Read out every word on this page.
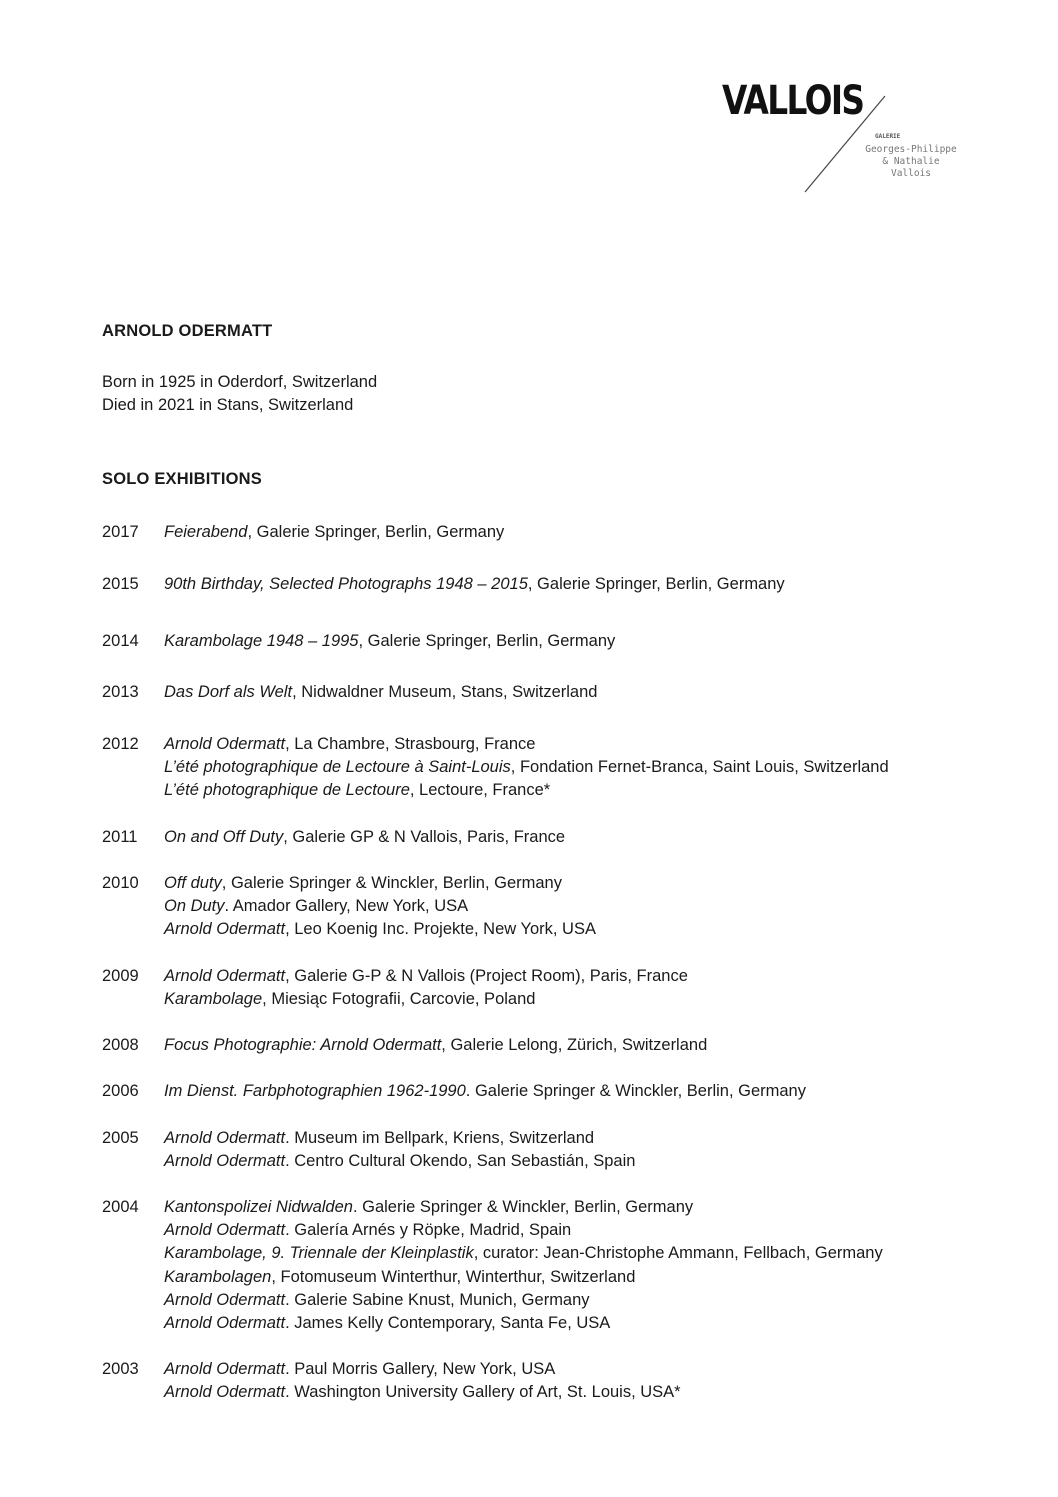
VALLOIS
GALERIE
Georges-Philippe
& Nathalie
Vallois
ARNOLD ODERMATT
Born in 1925 in Oderdorf, Switzerland
Died in 2021 in Stans, Switzerland
SOLO EXHIBITIONS
2017 Feierabend, Galerie Springer, Berlin, Germany
2015 90th Birthday, Selected Photographs 1948 – 2015, Galerie Springer, Berlin, Germany
2014 Karambolage 1948 – 1995, Galerie Springer, Berlin, Germany
2013 Das Dorf als Welt, Nidwaldner Museum, Stans, Switzerland
2012 Arnold Odermatt, La Chambre, Strasbourg, France
L’été photographique de Lectoure à Saint-Louis, Fondation Fernet-Branca, Saint Louis, Switzerland
L’été photographique de Lectoure, Lectoure, France*
2011 On and Off Duty, Galerie GP & N Vallois, Paris, France
2010 Off duty, Galerie Springer & Winckler, Berlin, Germany
On Duty. Amador Gallery, New York, USA
Arnold Odermatt, Leo Koenig Inc. Projekte, New York, USA
2009 Arnold Odermatt, Galerie G-P & N Vallois (Project Room), Paris, France
Karambolage, Miesiąc Fotografii, Carcovie, Poland
2008 Focus Photographie: Arnold Odermatt, Galerie Lelong, Zürich, Switzerland
2006 Im Dienst. Farbphotographien 1962-1990. Galerie Springer & Winckler, Berlin, Germany
2005 Arnold Odermatt. Museum im Bellpark, Kriens, Switzerland
Arnold Odermatt. Centro Cultural Okendo, San Sebastián, Spain
2004 Kantonspolizei Nidwalden. Galerie Springer & Winckler, Berlin, Germany
Arnold Odermatt. Galería Arnés y Röpke, Madrid, Spain
Karambolage, 9. Triennale der Kleinplastik, curator: Jean-Christophe Ammann, Fellbach, Germany
Karambolagen, Fotomuseum Winterthur, Winterthur, Switzerland
Arnold Odermatt. Galerie Sabine Knust, Munich, Germany
Arnold Odermatt. James Kelly Contemporary, Santa Fe, USA
2003 Arnold Odermatt. Paul Morris Gallery, New York, USA
Arnold Odermatt. Washington University Gallery of Art, St. Louis, USA*
